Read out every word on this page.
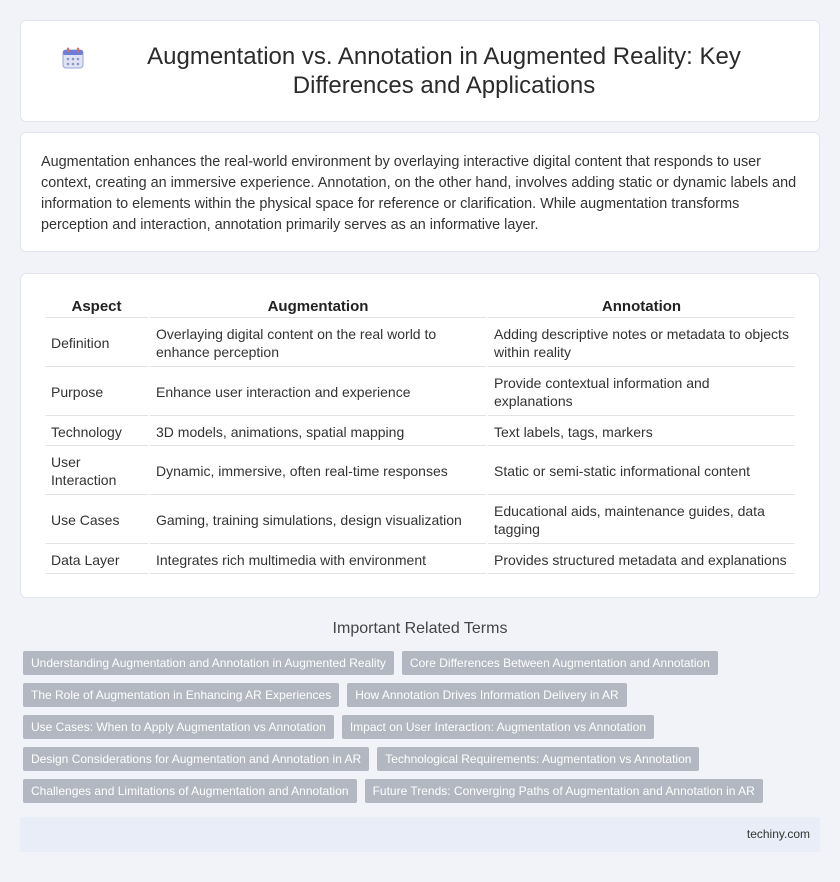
Augmentation vs. Annotation in Augmented Reality: Key Differences and Applications

Augmentation enhances the real-world environment by overlaying interactive digital content that responds to user context, creating an immersive experience. Annotation, on the other hand, involves adding static or dynamic labels and information to elements within the physical space for reference or clarification. While augmentation transforms perception and interaction, annotation primarily serves as an informative layer.

Aspect	Augmentation	Annotation
Definition	Overlaying digital content on the real world to enhance perception	Adding descriptive notes or metadata to objects within reality
Purpose	Enhance user interaction and experience	Provide contextual information and explanations
Technology	3D models, animations, spatial mapping	Text labels, tags, markers
User Interaction	Dynamic, immersive, often real-time responses	Static or semi-static informational content
Use Cases	Gaming, training simulations, design visualization	Educational aids, maintenance guides, data tagging
Data Layer	Integrates rich multimedia with environment	Provides structured metadata and explanations
Important Related Terms
Understanding Augmentation and Annotation in Augmented Reality	Core Differences Between Augmentation and Annotation
The Role of Augmentation in Enhancing AR Experiences	How Annotation Drives Information Delivery in AR
Use Cases: When to Apply Augmentation vs Annotation	Impact on User Interaction: Augmentation vs Annotation
Design Considerations for Augmentation and Annotation in AR	Technological Requirements: Augmentation vs Annotation
Challenges and Limitations of Augmentation and Annotation	Future Trends: Converging Paths of Augmentation and Annotation in AR
techiny.com
